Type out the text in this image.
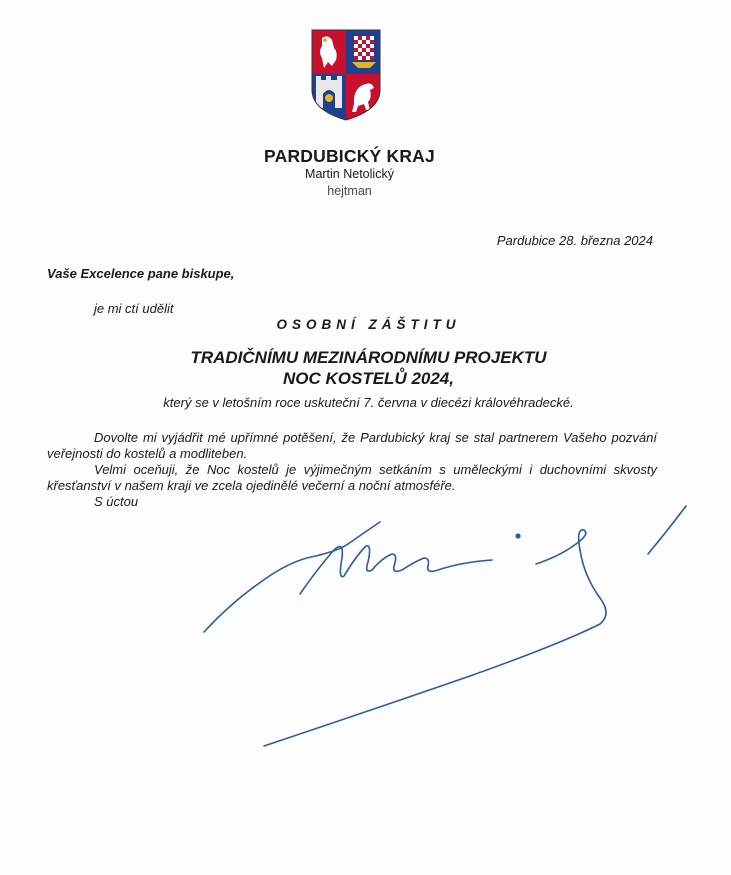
PARDUBICKÝ KRAJ
Martin Netolický
hejtman
Pardubice 28. března 2024
Vaše Excelence pane biskupe,
je mi ctí udělit
OSOBNÍ ZÁŠTITU
TRADIČNÍMU MEZINÁRODNÍMU PROJEKTU
NOC KOSTELŮ 2024,
který se v letošním roce uskuteční 7. června v diecézi královéhradecké.
Dovolte mi vyjádřit mé upřímné potěšení, že Pardubický kraj se stal partnerem Vašeho pozvání veřejnosti do kostelů a modliteben.
Velmi oceňuji, že Noc kostelů je výjimečným setkáním s uměleckými i duchovními skvosty křesťanství v našem kraji ve zcela ojedinělé večerní a noční atmosféře.
S úctou
